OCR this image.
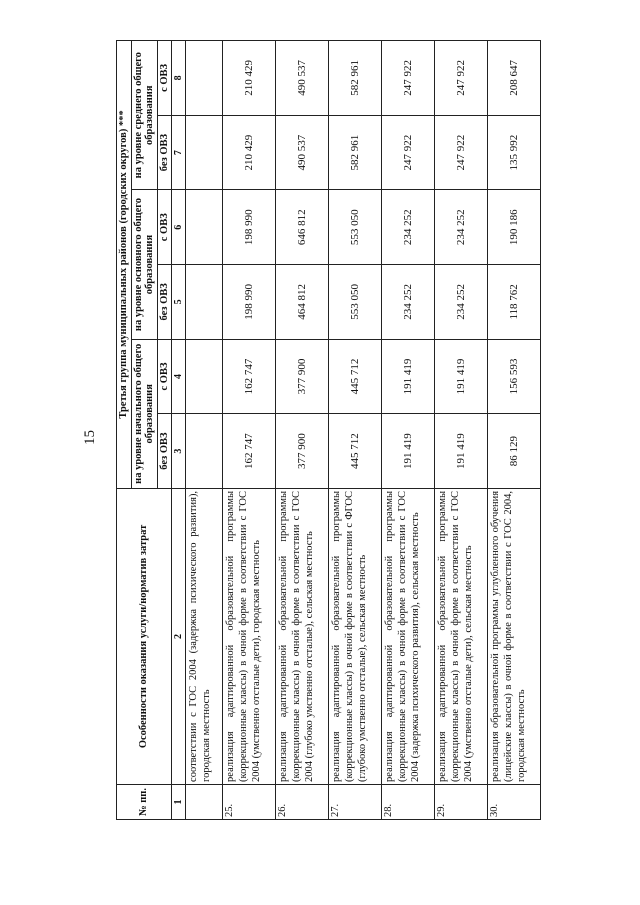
15
№ пп.	Особенности оказания услуги/норматив затрат	Третья группа муниципальных районов (городских округов) ***					
		на уровне начального общего образования		на уровне основного общего образования		на уровне среднего общего образования	
		без ОВЗ	с ОВЗ	без ОВЗ	с ОВЗ	без ОВЗ	с ОВЗ
1	2	3	4	5	6	7	8
	соответствии с ГОС 2004 (задержка психического развития), городская местность						
25.	реализация адаптированной образовательной программы (коррекционные классы) в очной форме в соответствии с ГОС 2004 (умственно отсталые дети), городская местность	162 747	162 747	198 990	198 990	210 429	210 429
26.	реализация адаптированной образовательной программы (коррекционные классы) в очной форме в соответствии с ГОС 2004 (глубоко умственно отсталые), сельская местность	377 900	377 900	464 812	646 812	490 537	490 537
27.	реализация адаптированной образовательной программы (коррекционные классы) в очной форме в соответствии с ФГОС (глубоко умственно отсталые), сельская местность	445 712	445 712	553 050	553 050	582 961	582 961
28.	реализация адаптированной образовательной программы (коррекционные классы) в очной форме в соответствии с ГОС 2004 (задержка психического развития), сельская местность	191 419	191 419	234 252	234 252	247 922	247 922
29.	реализация адаптированной образовательной программы (коррекционные классы) в очной форме в соответствии с ГОС 2004 (умственно отсталые дети), сельская местность	191 419	191 419	234 252	234 252	247 922	247 922
30.	реализация образовательной программы углубленного обучения (лицейские классы) в очной форме в соответствии с ГОС 2004, городская местность	86 129	156 593	118 762	190 186	135 992	208 647
